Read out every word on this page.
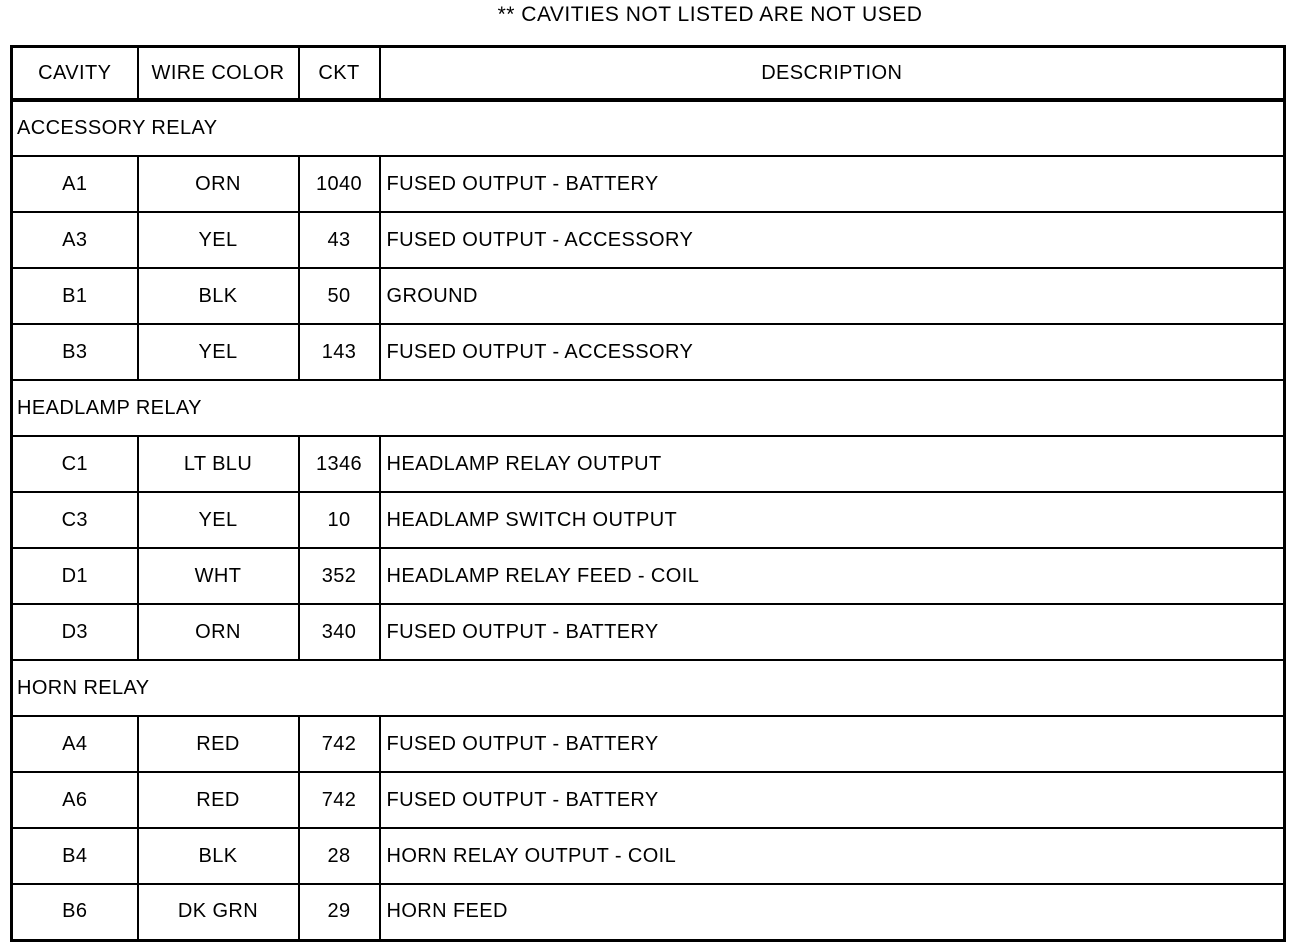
** CAVITIES NOT LISTED ARE NOT USED
CAVITY	WIRE COLOR	CKT	DESCRIPTION
ACCESSORY RELAY			
A1	ORN	1040	FUSED OUTPUT - BATTERY
A3	YEL	43	FUSED OUTPUT - ACCESSORY
B1	BLK	50	GROUND
B3	YEL	143	FUSED OUTPUT - ACCESSORY
HEADLAMP RELAY			
C1	LT BLU	1346	HEADLAMP RELAY OUTPUT
C3	YEL	10	HEADLAMP SWITCH OUTPUT
D1	WHT	352	HEADLAMP RELAY FEED - COIL
D3	ORN	340	FUSED OUTPUT - BATTERY
HORN RELAY			
A4	RED	742	FUSED OUTPUT - BATTERY
A6	RED	742	FUSED OUTPUT - BATTERY
B4	BLK	28	HORN RELAY OUTPUT - COIL
B6	DK GRN	29	HORN FEED
